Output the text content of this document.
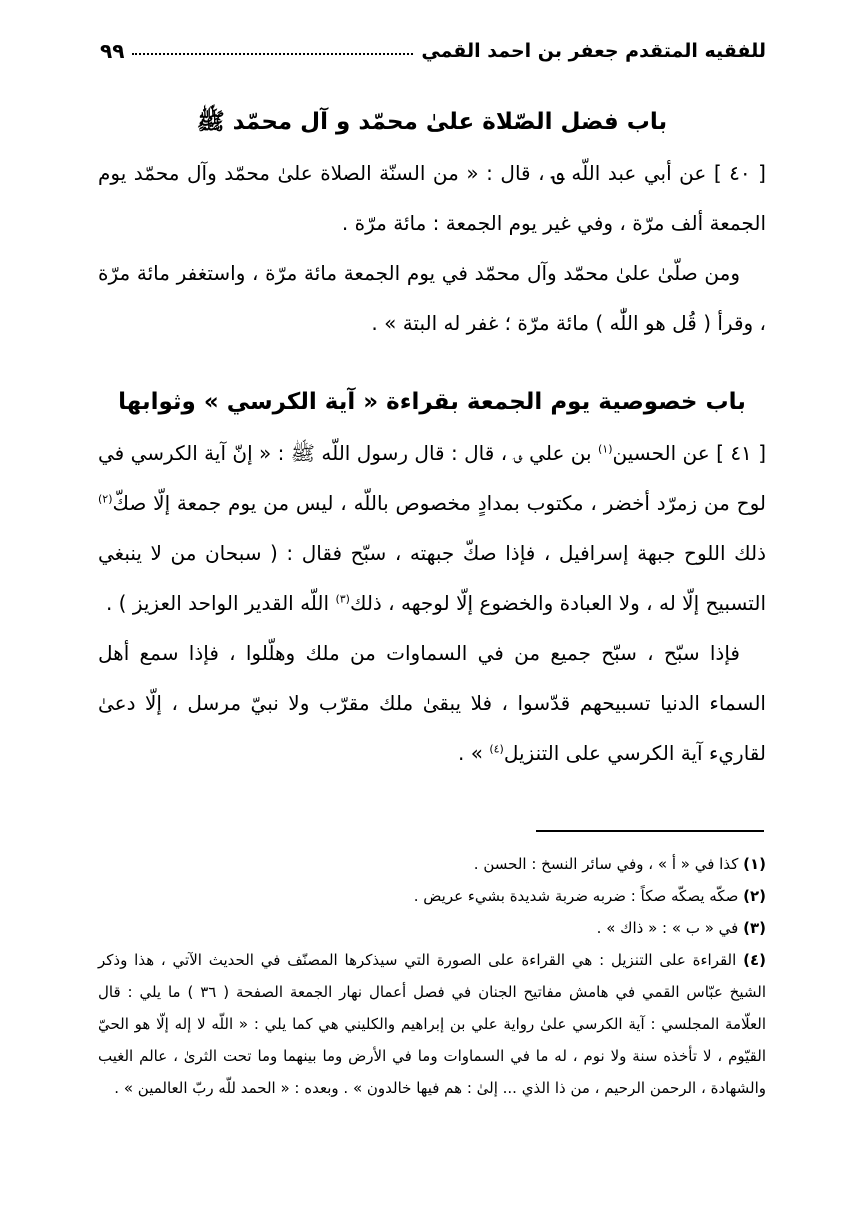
للفقيه المتقدم جعفر بن احمد القمي
٩٩
باب فضل الصّلاة علىٰ محمّد و آل محمّد ﷺ

[ ٤٠ ] عن أبي عبد اللّه ؈ ، قال : « من السنّة الصلاة علىٰ محمّد وآل محمّد يوم الجمعة ألف مرّة ، وفي غير يوم الجمعة : مائة مرّة .

ومن صلّىٰ علىٰ محمّد وآل محمّد في يوم الجمعة مائة مرّة ، واستغفر مائة مرّة ، وقرأ ( قُل هو اللّٰه ) مائة مرّة ؛ غفر له البتة » .

باب خصوصية يوم الجمعة بقراءة « آية الكرسي » وثوابها

[ ٤١ ] عن الحسين$^{(١)}$ بن علي ؈ ، قال : قال رسول اللّه ﷺ : « إنّ آية الكرسي في لوح من زمرّد أخضر ، مكتوب بمدادٍ مخصوص باللّه ، ليس من يوم جمعة إلّا صكّ$^{(٢)}$ ذلك اللوح جبهة إسرافيل ، فإذا صكّ جبهته ، سبّح فقال : ( سبحان من لا ينبغي التسبيح إلّا له ، ولا العبادة والخضوع إلّا لوجهه ، ذلك$^{(٣)}$ اللّه القدير الواحد العزيز ) .

فإذا سبّح ، سبّح جميع من في السماوات من ملك وهلّلوا ، فإذا سمع أهل السماء الدنيا تسبيحهم قدّسوا ، فلا يبقىٰ ملك مقرّب ولا نبيّ مرسل ، إلّا دعىٰ لقاريء آية الكرسي على التنزيل$^{(٤)}$ » .

(١) كذا في « أ » ، وفي سائر النسخ : الحسن .

(٢) صكّه يصكّه صكاً : ضربه ضربة شديدة بشيء عريض .

(٣) في « ب » : « ذاك » .

(٤) القراءة على التنزيل : هي القراءة على الصورة التي سيذكرها المصنّف في الحديث الآتي ، هذا وذكر الشيخ عبّاس القمي في هامش مفاتيح الجنان في فصل أعمال نهار الجمعة الصفحة ( ٣٦ ) ما يلي : قال العلّامة المجلسي : آية الكرسي علىٰ رواية علي بن إبراهيم والكليني هي كما يلي : « اللّه لا إله إلّا هو الحيّ القيّوم ، لا تأخذه سنة ولا نوم ، له ما في السماوات وما في الأرض وما بينهما وما تحت الثرىٰ ، عالم الغيب والشهادة ، الرحمن الرحيم ، من ذا الذي ... إلىٰ : هم فيها خالدون » . وبعده : « الحمد للّه ربّ العالمين » .
